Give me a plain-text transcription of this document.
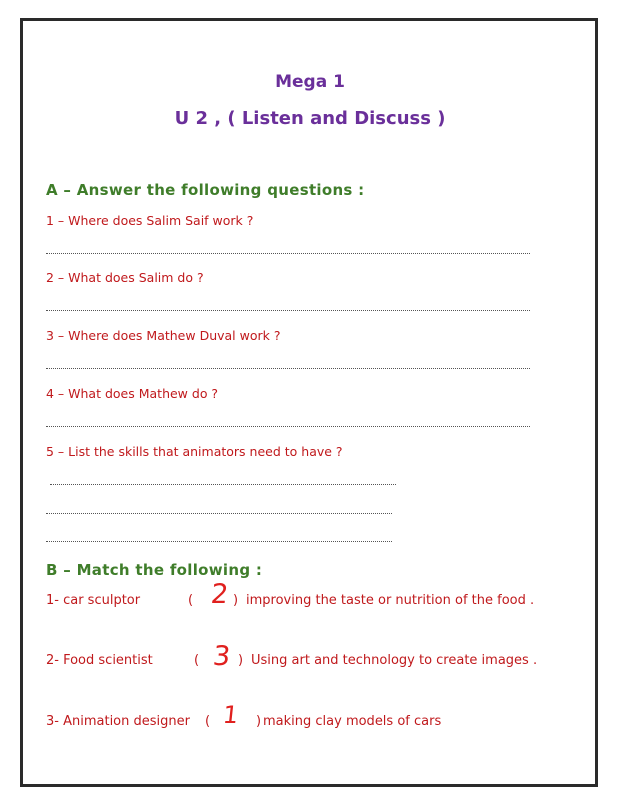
Mega 1
U 2 , ( Listen and Discuss )
A – Answer the following questions :
1 – Where does Salim Saif work ?
2 – What does Salim do ?
3 – Where does Mathew Duval work ?
4 – What does Mathew do ?
5 – List the skills that animators need to have ?
B – Match the following :
1- car sculptor	( 2 ) improving the taste or nutrition of the food .
2- Food scientist	( 3 ) Using art and technology to create images .
3- Animation designer ( 1 ) making clay models of cars
